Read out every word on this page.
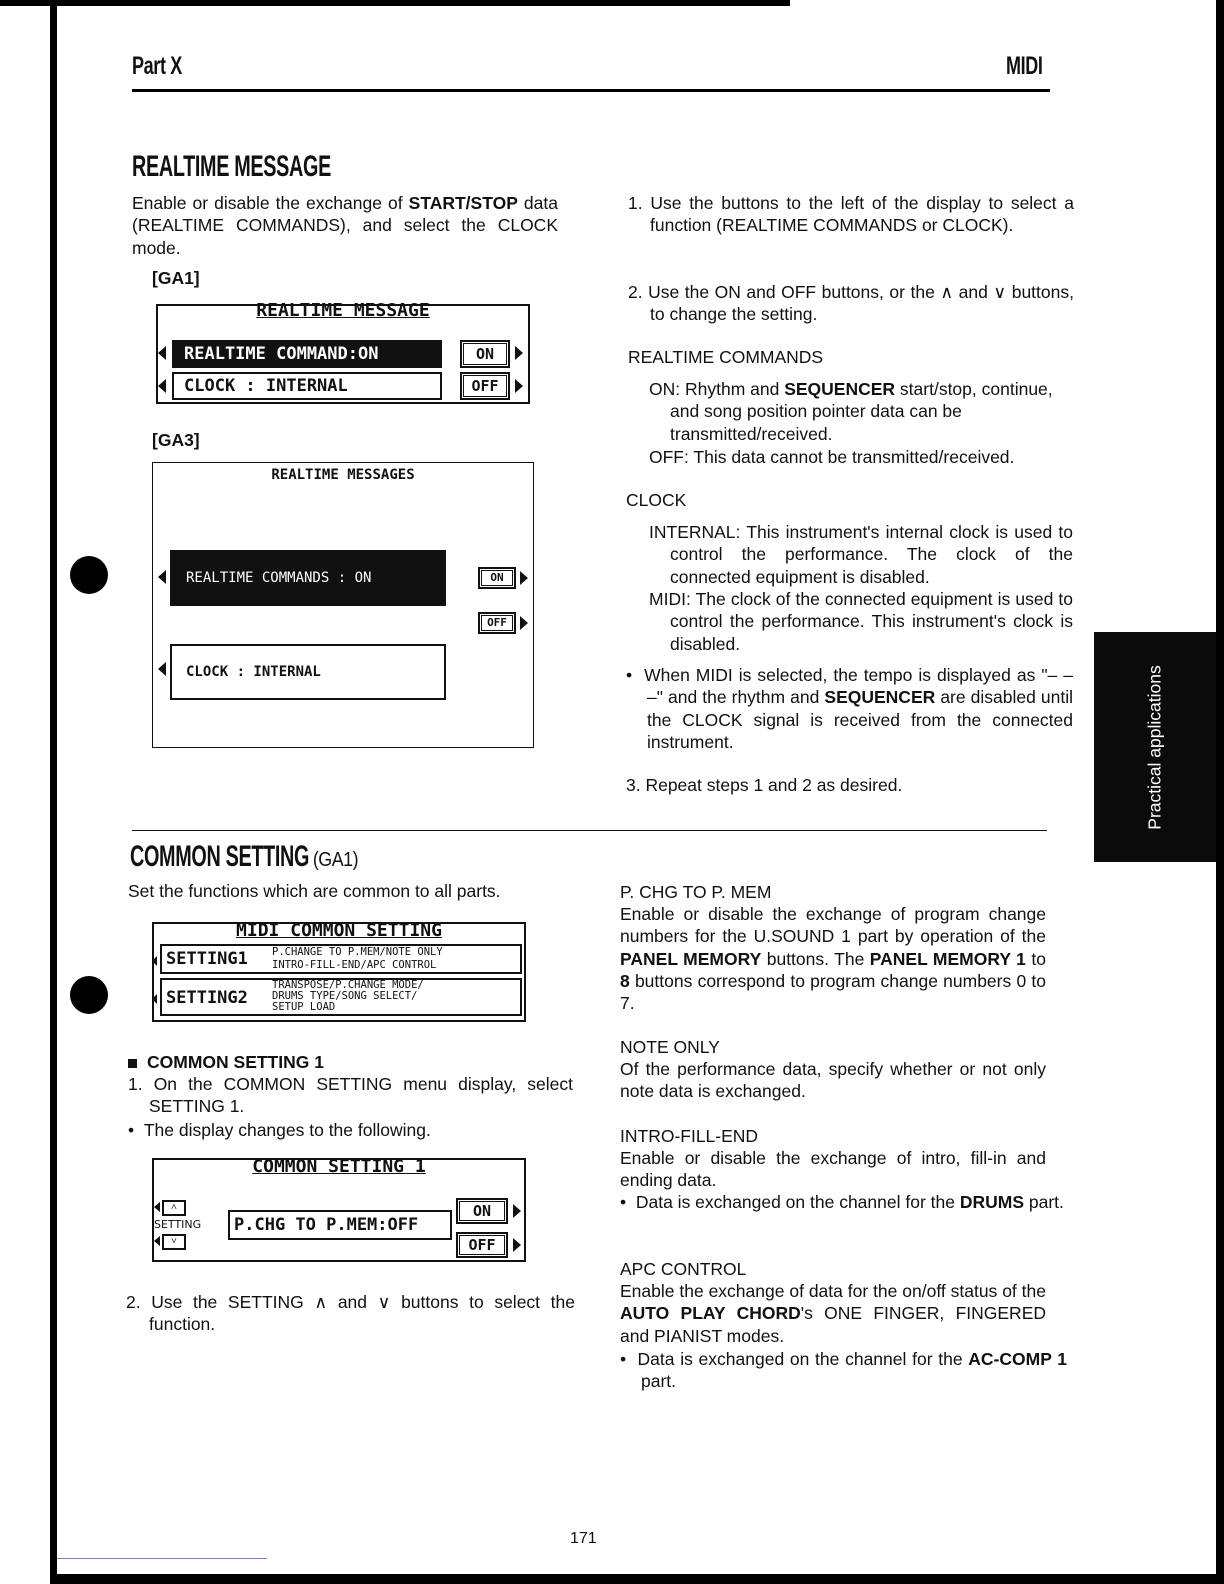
Part X	MIDI
Practical applications
REALTIME MESSAGE
Enable or disable the exchange of START/STOP data (REALTIME COMMANDS), and select the CLOCK mode.
[GA1]
REALTIME MESSAGE
REALTIME COMMAND:ON
CLOCK : INTERNAL
ON
OFF
[GA3]
REALTIME MESSAGES
REALTIME COMMANDS : ON
CLOCK : INTERNAL
ON
OFF
1. Use the buttons to the left of the display to select a function (REALTIME COMMANDS or CLOCK).
2. Use the ON and OFF buttons, or the ∧ and ∨ buttons, to change the setting.
REALTIME COMMANDS
ON: Rhythm and SEQUENCER start/stop, continue, and song position pointer data can be transmitted/received.
OFF: This data cannot be transmitted/received.
CLOCK
INTERNAL: This instrument's internal clock is used to control the performance. The clock of the connected equipment is disabled.
MIDI: The clock of the connected equipment is used to control the performance. This instrument's clock is disabled.
•  When MIDI is selected, the tempo is displayed as "– – –" and the rhythm and SEQUENCER are disabled until the CLOCK signal is received from the connected instrument.
3. Repeat steps 1 and 2 as desired.
COMMON SETTING (GA1)
Set the functions which are common to all parts.
MIDI COMMON SETTING
SETTING1 P.CHANGE TO P.MEM/NOTE ONLY
INTRO-FILL-END/APC CONTROL
SETTING2
TRANSPOSE/P.CHANGE MODE/
DRUMS TYPE/SONG SELECT/
SETUP LOAD
COMMON SETTING 1
1. On the COMMON SETTING menu display, select SETTING 1.
•  The display changes to the following.
COMMON SETTING 1
˄
SETTING
˅
P.CHG TO P.MEM:OFF
ON
OFF
2. Use the SETTING ∧ and ∨ buttons to select the function.
P. CHG TO P. MEM
Enable or disable the exchange of program change numbers for the U.SOUND 1 part by operation of the PANEL MEMORY buttons. The PANEL MEMORY 1 to 8 buttons correspond to program change numbers 0 to 7.
NOTE ONLY
Of the performance data, specify whether or not only note data is exchanged.
INTRO-FILL-END
Enable or disable the exchange of intro, fill-in and ending data.
•  Data is exchanged on the channel for the DRUMS part.
APC CONTROL
Enable the exchange of data for the on/off status of the AUTO PLAY CHORD's ONE FINGER, FINGERED and PIANIST modes.
•  Data is exchanged on the channel for the AC-COMP 1 part.
171
